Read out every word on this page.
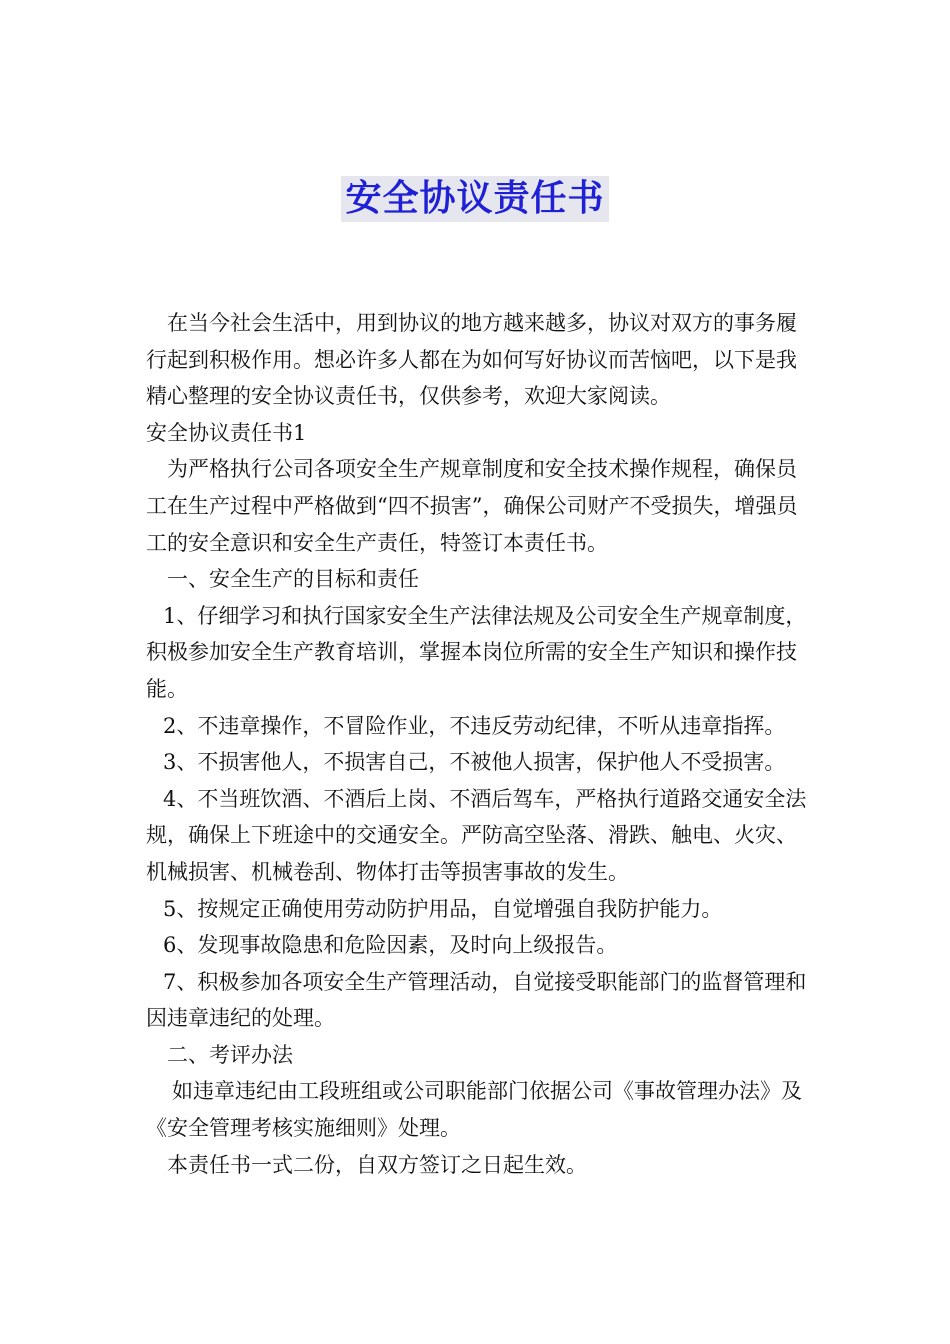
安全协议责任书

在当今社会生活中，用到协议的地方越来越多，协议对双方的事务履行起到积极作用。想必许多人都在为如何写好协议而苦恼吧，以下是我精心整理的安全协议责任书，仅供参考，欢迎大家阅读。

安全协议责任书1

为严格执行公司各项安全生产规章制度和安全技术操作规程，确保员工在生产过程中严格做到“四不损害”，确保公司财产不受损失，增强员工的安全意识和安全生产责任，特签订本责任书。

一、安全生产的目标和责任

1、仔细学习和执行国家安全生产法律法规及公司安全生产规章制度，积极参加安全生产教育培训，掌握本岗位所需的安全生产知识和操作技能。

2、不违章操作，不冒险作业，不违反劳动纪律，不听从违章指挥。

3、不损害他人，不损害自己，不被他人损害，保护他人不受损害。

4、不当班饮酒、不酒后上岗、不酒后驾车，严格执行道路交通安全法规，确保上下班途中的交通安全。严防高空坠落、滑跌、触电、火灾、机械损害、机械卷刮、物体打击等损害事故的发生。

5、按规定正确使用劳动防护用品，自觉增强自我防护能力。

6、发现事故隐患和危险因素，及时向上级报告。

7、积极参加各项安全生产管理活动，自觉接受职能部门的监督管理和因违章违纪的处理。

二、考评办法

如违章违纪由工段班组或公司职能部门依据公司《事故管理办法》及《安全管理考核实施细则》处理。

本责任书一式二份，自双方签订之日起生效。
